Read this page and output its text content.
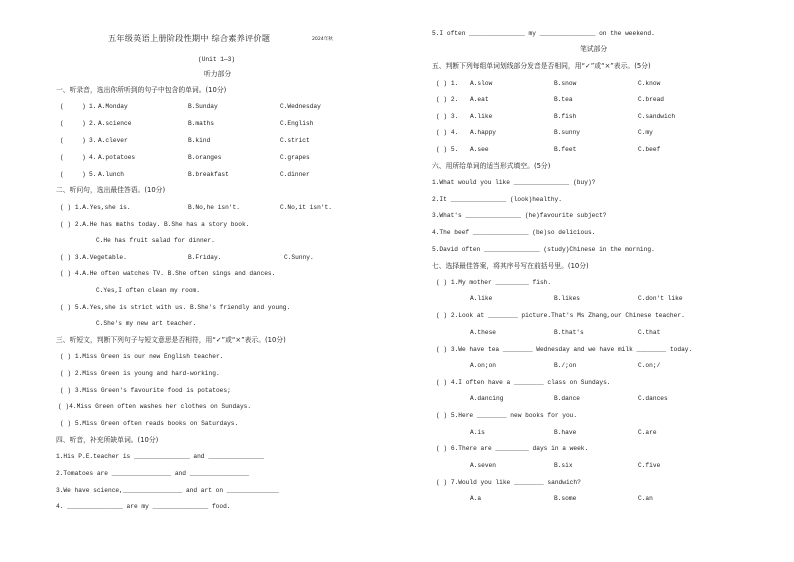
五年级英语上册阶段性期中 综合素养评价题	2024年秋
(Unit 1—3)
听力部分
一、听录音，选出你所听到的句子中包含的单词。(10分)
(	) 1. A.Monday	B.Sunday	C.Wednesday
(	) 2. A.science	B.maths	C.English
(	) 3. A.clever	B.kind	C.strict
(	) 4. A.potatoes	B.oranges	C.grapes
(	) 5. A.lunch	B.breakfast	C.dinner
二、听问句，选出最佳答语。(10分)
( ) 1.A.Yes,she is.	B.No,he isn't.	C.No,it isn't.
( ) 2.A.He has maths today. B.She has a story book.
C.He has fruit salad for dinner.
( ) 3.A.Vegetable.	B.Friday.	C.Sunny.
( ) 4.A.He often watches TV. B.She often sings and dances.
C.Yes,I often clean my room.
( ) 5.A.Yes,she is strict with us. B.She's friendly and young.
C.She's my new art teacher.
三、听短文，判断下列句子与短文意思是否相符，用“✓”或“×”表示。(10分)
( ) 1.Miss Green is our new English teacher.
( ) 2.Miss Green is young and hard-working.
( ) 3.Miss Green's favourite food is potatoes;
( )4.Miss Green often washes her clothes on Sundays.
( ) 5.Miss Green often reads books on Saturdays.
四、听音，补充所缺单词。(10分)
1.His P.E.teacher is _______________ and _______________
2.Tomatoes are ________________ and ________________
3.We have science,________________ and art on ______________
4. _______________ are my _______________ food.
5.I often _______________ my _______________ on the weekend.
笔试部分
五、判断下列每组单词划线部分发音是否相同，用“✓”或“×”表示。(5分)
( ) 1. A.slow	B.snow	C.know
( ) 2. A.eat	B.tea	C.bread
( ) 3. A.like	B.fish	C.sandwich
( ) 4. A.happy	B.sunny	C.my
( ) 5. A.see	B.feet	C.beef
六、用所给单词的适当形式填空。(5分)
1.What would you like _______________ (buy)?
2.It _______________ (look)healthy.
3.What's _______________ (he)favourite subject?
4.The beef _______________ (be)so delicious.
5.David often _______________ (study)Chinese in the morning.
七、选择最佳答案，将其序号写在前括号里。(10分)
( ) 1.My mother _________ fish.
A.like	B.likes	C.don't like
( ) 2.Look at ________ picture.That's Ms Zhang,our Chinese teacher.
A.these	B.that's	C.that
( ) 3.We have tea ________ Wednesday and we have milk ________ today.
A.on;on	B./;on	C.on;/
( ) 4.I often have a ________ class on Sundays.
A.dancing	B.dance	C.dances
( ) 5.Here ________ new books for you.
A.is	B.have	C.are
( ) 6.There are _________ days in a week.
A.seven	B.six	C.five
( ) 7.Would you like ________ sandwich?
A.a	B.some	C.an
